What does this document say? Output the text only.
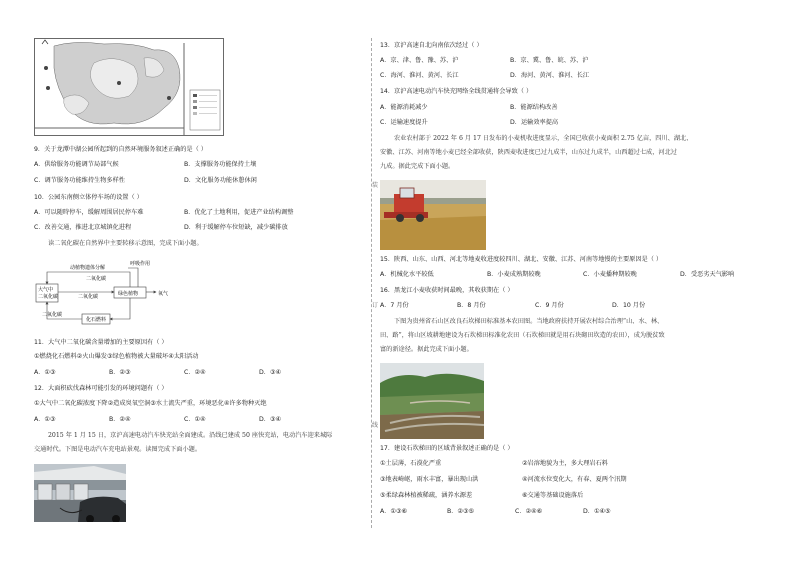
9．关于龙潭中湖公园所起到的自然环境服务叙述正确的是（ ）
A．供给服务功能调节局部气候	B．支撑服务功能保持土壤
C．调节服务功能维持生物多样性	D．文化服务功能休憩休闲
10．公园东南侧立体停车场的设置（ ）
A．可以随時停车，缓解周围居民停车难	B．优化了土地利用，促进产业结构调整
C．改善交通，推进北京城镇化进程	D．利于缓解停车位短缺，减少碳排放
读二氧化碳在自然界中主要转移示意图，完成下面小题。
动植物遗体分解
呼吸作用
二氧化碳
大气中
二氧化碳	二氧化碳	绿色植物	氧气
化石燃料
二氧化碳
11．大气中二氧化碳含量增加的主要原因有（ ）
①燃烧化石燃料②火山爆发③绿色植物被大量破坏④太阳活动
A．①③	B．②③	C．②④	D．③④
12．大面积砍伐森林可能引发的环境问题有（ ）
①大气中二氧化碳浓度下降②造成臭氧空洞③水土流失严重，环境恶化④许多物种灭绝
A．①③	B．②④	C．①④	D．③④
2015 年 1 月 15 日，京沪高速电动汽车快充站全面建成。沿线已建成 50 座快充站，电动汽车迎来城际
交通时代。下图是电动汽车充电站景观。读图完成下面小题。
装
订
线
13．京沪高速自北向南依次经过（ ）
A．京、津、鲁、豫、苏、沪	B．京、冀、鲁、皖、苏、沪
C．海河、淮河、黄河、长江	D．海河、黄河、淮河、长江
14．京沪高速电动汽车快充网络全线贯通将会导致（ ）
A．能源消耗减少	B．能源结构改善
C．运输速度提升	D．运输效率提高
农业农村部于 2022 年 6 月 17 日发布的小麦机收进度显示，全国已收获小麦面积 2.75 亿亩，四川、湖北、
安徽、江苏、河南等地小麦已经全部收获，陕西麦收进度已过九成半，山东过九成半，山西超过七成，河北过
九成。据此完成下面小题。
15．陕西、山东、山西、河北等地麦收进度较四川、湖北、安徽、江苏、河南等地慢的主要原因是（ ）
A．机械化水平较低	B．小麦成熟期较晚	C．小麦播种期较晚	D．受恶劣天气影响
16．黑龙江小麦收获时间最晚，其收获期在（ ）
A．7 月份	B．8 月份	C．9 月份	D．10 月份
下图为贵州省石山区改良石坎梯田标准基本农田图。当地政府扶持开展农村综合治理“山、水、林、
田、路”，将山区坡耕地建设为石坎梯田标准化农田（石坎梯田就是用石块砌田坎造的农田），成为脱贫致
富的新途径。据此完成下面小题。
17．建设石坎梯田的区域背景叙述正确的是（ ）
①土层薄，石漠化严重	②岩溶地貌为主，多大理岩石料
③地表崎岖，雨水丰富，暴出现山洪	④河流水位变化大，有春、夏两个汛期
⑤柔绿森林植被稀疏，涵养水源差	⑥交通等基础设施落后
A．①③⑥	B．②③⑤	C．②④⑥	D．①④⑤
